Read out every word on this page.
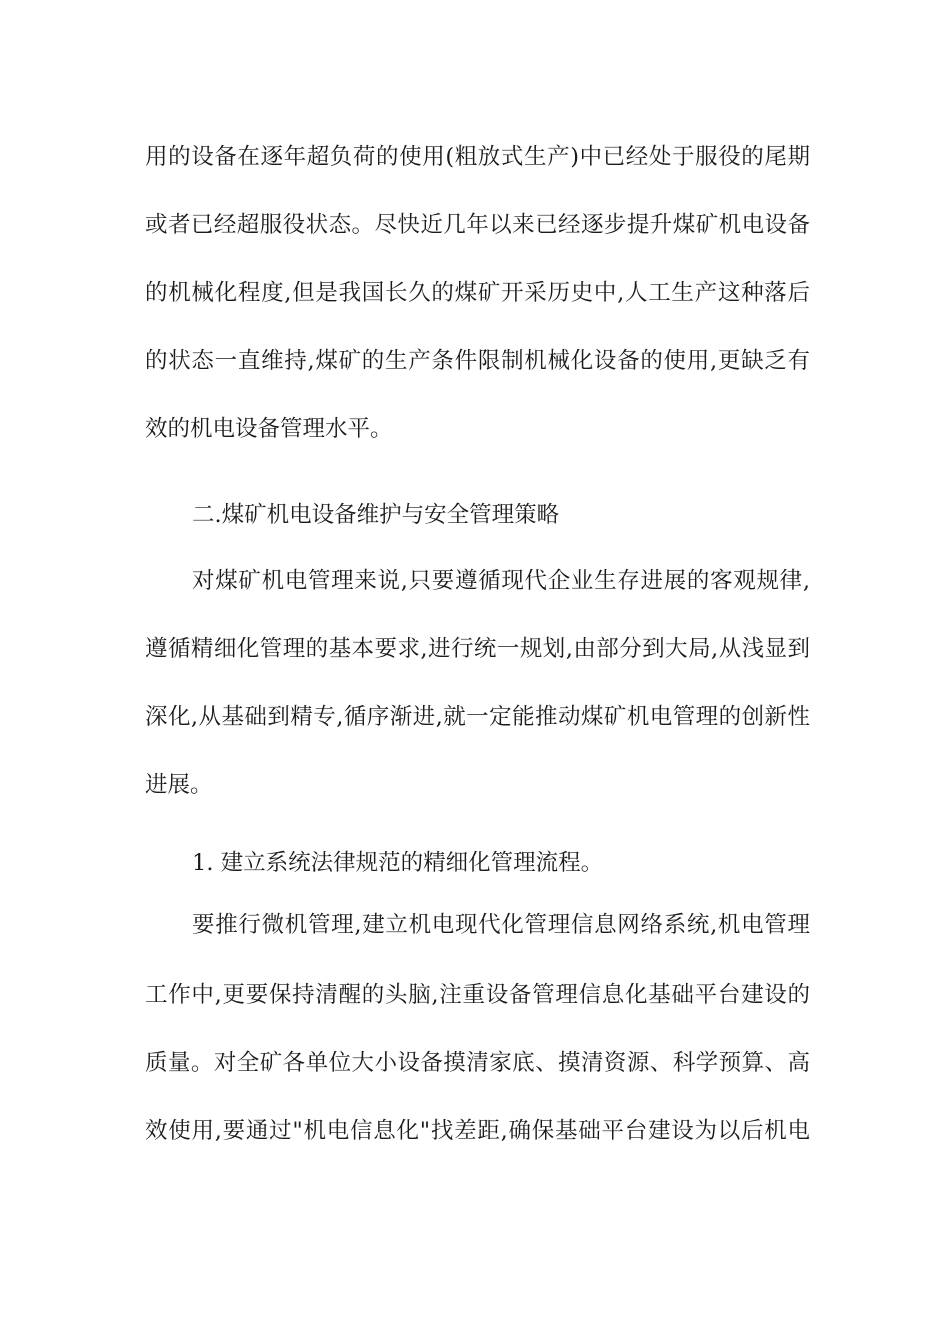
用的设备在逐年超负荷的使用(粗放式生产)中已经处于服役的尾期
或者已经超服役状态。尽快近几年以来已经逐步提升煤矿机电设备
的机械化程度,但是我国长久的煤矿开采历史中,人工生产这种落后
的状态一直维持,煤矿的生产条件限制机械化设备的使用,更缺乏有
效的机电设备管理水平。
二.煤矿机电设备维护与安全管理策略
对煤矿机电管理来说,只要遵循现代企业生存进展的客观规律,
遵循精细化管理的基本要求,进行统一规划,由部分到大局,从浅显到
深化,从基础到精专,循序渐进,就一定能推动煤矿机电管理的创新性
进展。
1. 建立系统法律规范的精细化管理流程。
要推行微机管理,建立机电现代化管理信息网络系统,机电管理
工作中,更要保持清醒的头脑,注重设备管理信息化基础平台建设的
质量。对全矿各单位大小设备摸清家底、摸清资源、科学预算、高
效使用,要通过"机电信息化"找差距,确保基础平台建设为以后机电
